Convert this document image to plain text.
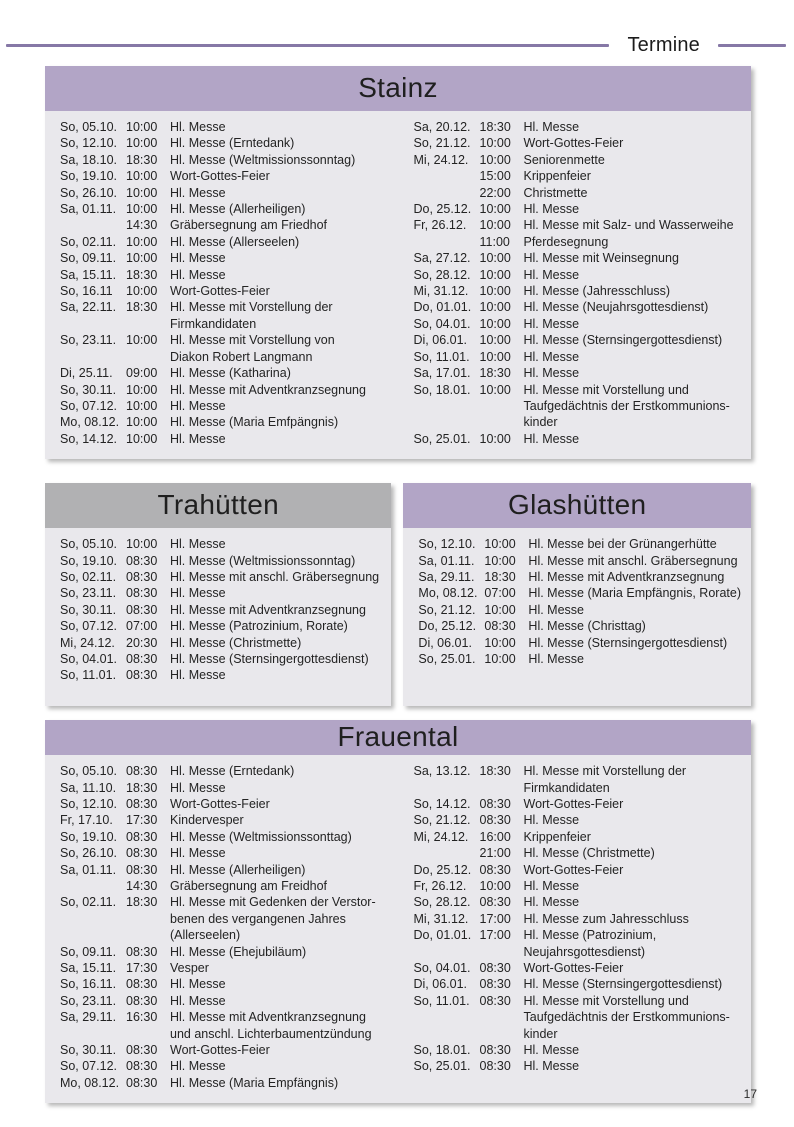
Termine
Stainz
So, 05.10. 10:00	Hl. Messe
So, 12.10. 10:00	Hl. Messe (Erntedank)
Sa, 18.10. 18:30	Hl. Messe (Weltmissionssonntag)
So, 19.10. 10:00	Wort-Gottes-Feier
So, 26.10. 10:00	Hl. Messe
Sa, 01.11. 10:00	Hl. Messe (Allerheiligen)
14:30	Gräbersegnung am Friedhof
So, 02.11. 10:00	Hl. Messe (Allerseelen)
So, 09.11. 10:00	Hl. Messe
Sa, 15.11. 18:30	Hl. Messe
So, 16.11	10:00	Wort-Gottes-Feier
Sa, 22.11. 18:30	Hl. Messe mit Vorstellung der
Firmkandidaten
So, 23.11. 10:00	Hl. Messe mit Vorstellung von
Diakon Robert Langmann
Di, 25.11.	09:00	Hl. Messe (Katharina)
So, 30.11. 10:00	Hl. Messe mit Adventkranzsegnung
So, 07.12. 10:00	Hl. Messe
Mo, 08.12. 10:00	Hl. Messe (Maria Emfpängnis)
So, 14.12. 10:00	Hl. Messe
Sa, 20.12. 18:30	Hl. Messe
So, 21.12. 10:00	Wort-Gottes-Feier
Mi, 24.12. 10:00	Seniorenmette
15:00	Krippenfeier
22:00	Christmette
Do, 25.12. 10:00	Hl. Messe
Fr, 26.12.	10:00	Hl. Messe mit Salz- und Wasserweihe
11:00	Pferdesegnung
Sa, 27.12. 10:00	Hl. Messe mit Weinsegnung
So, 28.12. 10:00	Hl. Messe
Mi, 31.12. 10:00	Hl. Messe (Jahresschluss)
Do, 01.01. 10:00	Hl. Messe (Neujahrsgottesdienst)
So, 04.01. 10:00	Hl. Messe
Di, 06.01. 10:00	Hl. Messe (Sternsingergottesdienst)
So, 11.01. 10:00	Hl. Messe
Sa, 17.01. 18:30	Hl. Messe
So, 18.01. 10:00	Hl. Messe mit Vorstellung und
Taufgedächtnis der Erstkommunions-
kinder
So, 25.01. 10:00	Hl. Messe
Trahütten
So, 05.10. 10:00	Hl. Messe
So, 19.10. 08:30	Hl. Messe (Weltmissionssonntag)
So, 02.11. 08:30	Hl. Messe mit anschl. Gräbersegnung
So, 23.11. 08:30	Hl. Messe
So, 30.11. 08:30	Hl. Messe mit Adventkranzsegnung
So, 07.12. 07:00	Hl. Messe (Patrozinium, Rorate)
Mi, 24.12. 20:30	Hl. Messe (Christmette)
So, 04.01. 08:30	Hl. Messe (Sternsingergottesdienst)
So, 11.01. 08:30	Hl. Messe
Glashütten
So, 12.10. 10:00	Hl. Messe bei der Grünangerhütte
Sa, 01.11. 10:00	Hl. Messe mit anschl. Gräbersegnung
Sa, 29.11. 18:30	Hl. Messe mit Adventkranzsegnung
Mo, 08.12. 07:00	Hl. Messe (Maria Empfängnis, Rorate)
So, 21.12. 10:00	Hl. Messe
Do, 25.12. 08:30	Hl. Messe (Christtag)
Di, 06.01. 10:00	Hl. Messe (Sternsingergottesdienst)
So, 25.01. 10:00	Hl. Messe
Frauental
So, 05.10. 08:30	Hl. Messe (Erntedank)
Sa, 11.10. 18:30	Hl. Messe
So, 12.10. 08:30	Wort-Gottes-Feier
Fr, 17.10.	17:30	Kindervesper
So, 19.10. 08:30	Hl. Messe (Weltmissionssonttag)
So, 26.10. 08:30	Hl. Messe
Sa, 01.11. 08:30	Hl. Messe (Allerheiligen)
14:30	Gräbersegnung am Freidhof
So, 02.11. 18:30	Hl. Messe mit Gedenken der Verstor-
benen des vergangenen Jahres
(Allerseelen)
So, 09.11. 08:30	Hl. Messe (Ehejubiläum)
Sa, 15.11. 17:30	Vesper
So, 16.11. 08:30	Hl. Messe
So, 23.11. 08:30	Hl. Messe
Sa, 29.11. 16:30	Hl. Messe mit Adventkranzsegnung
und anschl. Lichterbaumentzündung
So, 30.11. 08:30	Wort-Gottes-Feier
So, 07.12. 08:30	Hl. Messe
Mo, 08.12. 08:30	Hl. Messe (Maria Empfängnis)
Sa, 13.12. 18:30	Hl. Messe mit Vorstellung der
Firmkandidaten
So, 14.12. 08:30	Wort-Gottes-Feier
So, 21.12. 08:30	Hl. Messe
Mi, 24.12. 16:00	Krippenfeier
21:00	Hl. Messe (Christmette)
Do, 25.12. 08:30	Wort-Gottes-Feier
Fr, 26.12.	10:00	Hl. Messe
So, 28.12. 08:30	Hl. Messe
Mi, 31.12. 17:00	Hl. Messe zum Jahresschluss
Do, 01.01. 17:00	Hl. Messe (Patrozinium,
Neujahrsgottesdienst)
So, 04.01. 08:30	Wort-Gottes-Feier
Di, 06.01. 08:30	Hl. Messe (Sternsingergottesdienst)
So, 11.01. 08:30	Hl. Messe mit Vorstellung und
Taufgedächtnis der Erstkommunions-
kinder
So, 18.01. 08:30	Hl. Messe
So, 25.01. 08:30	Hl. Messe
17
